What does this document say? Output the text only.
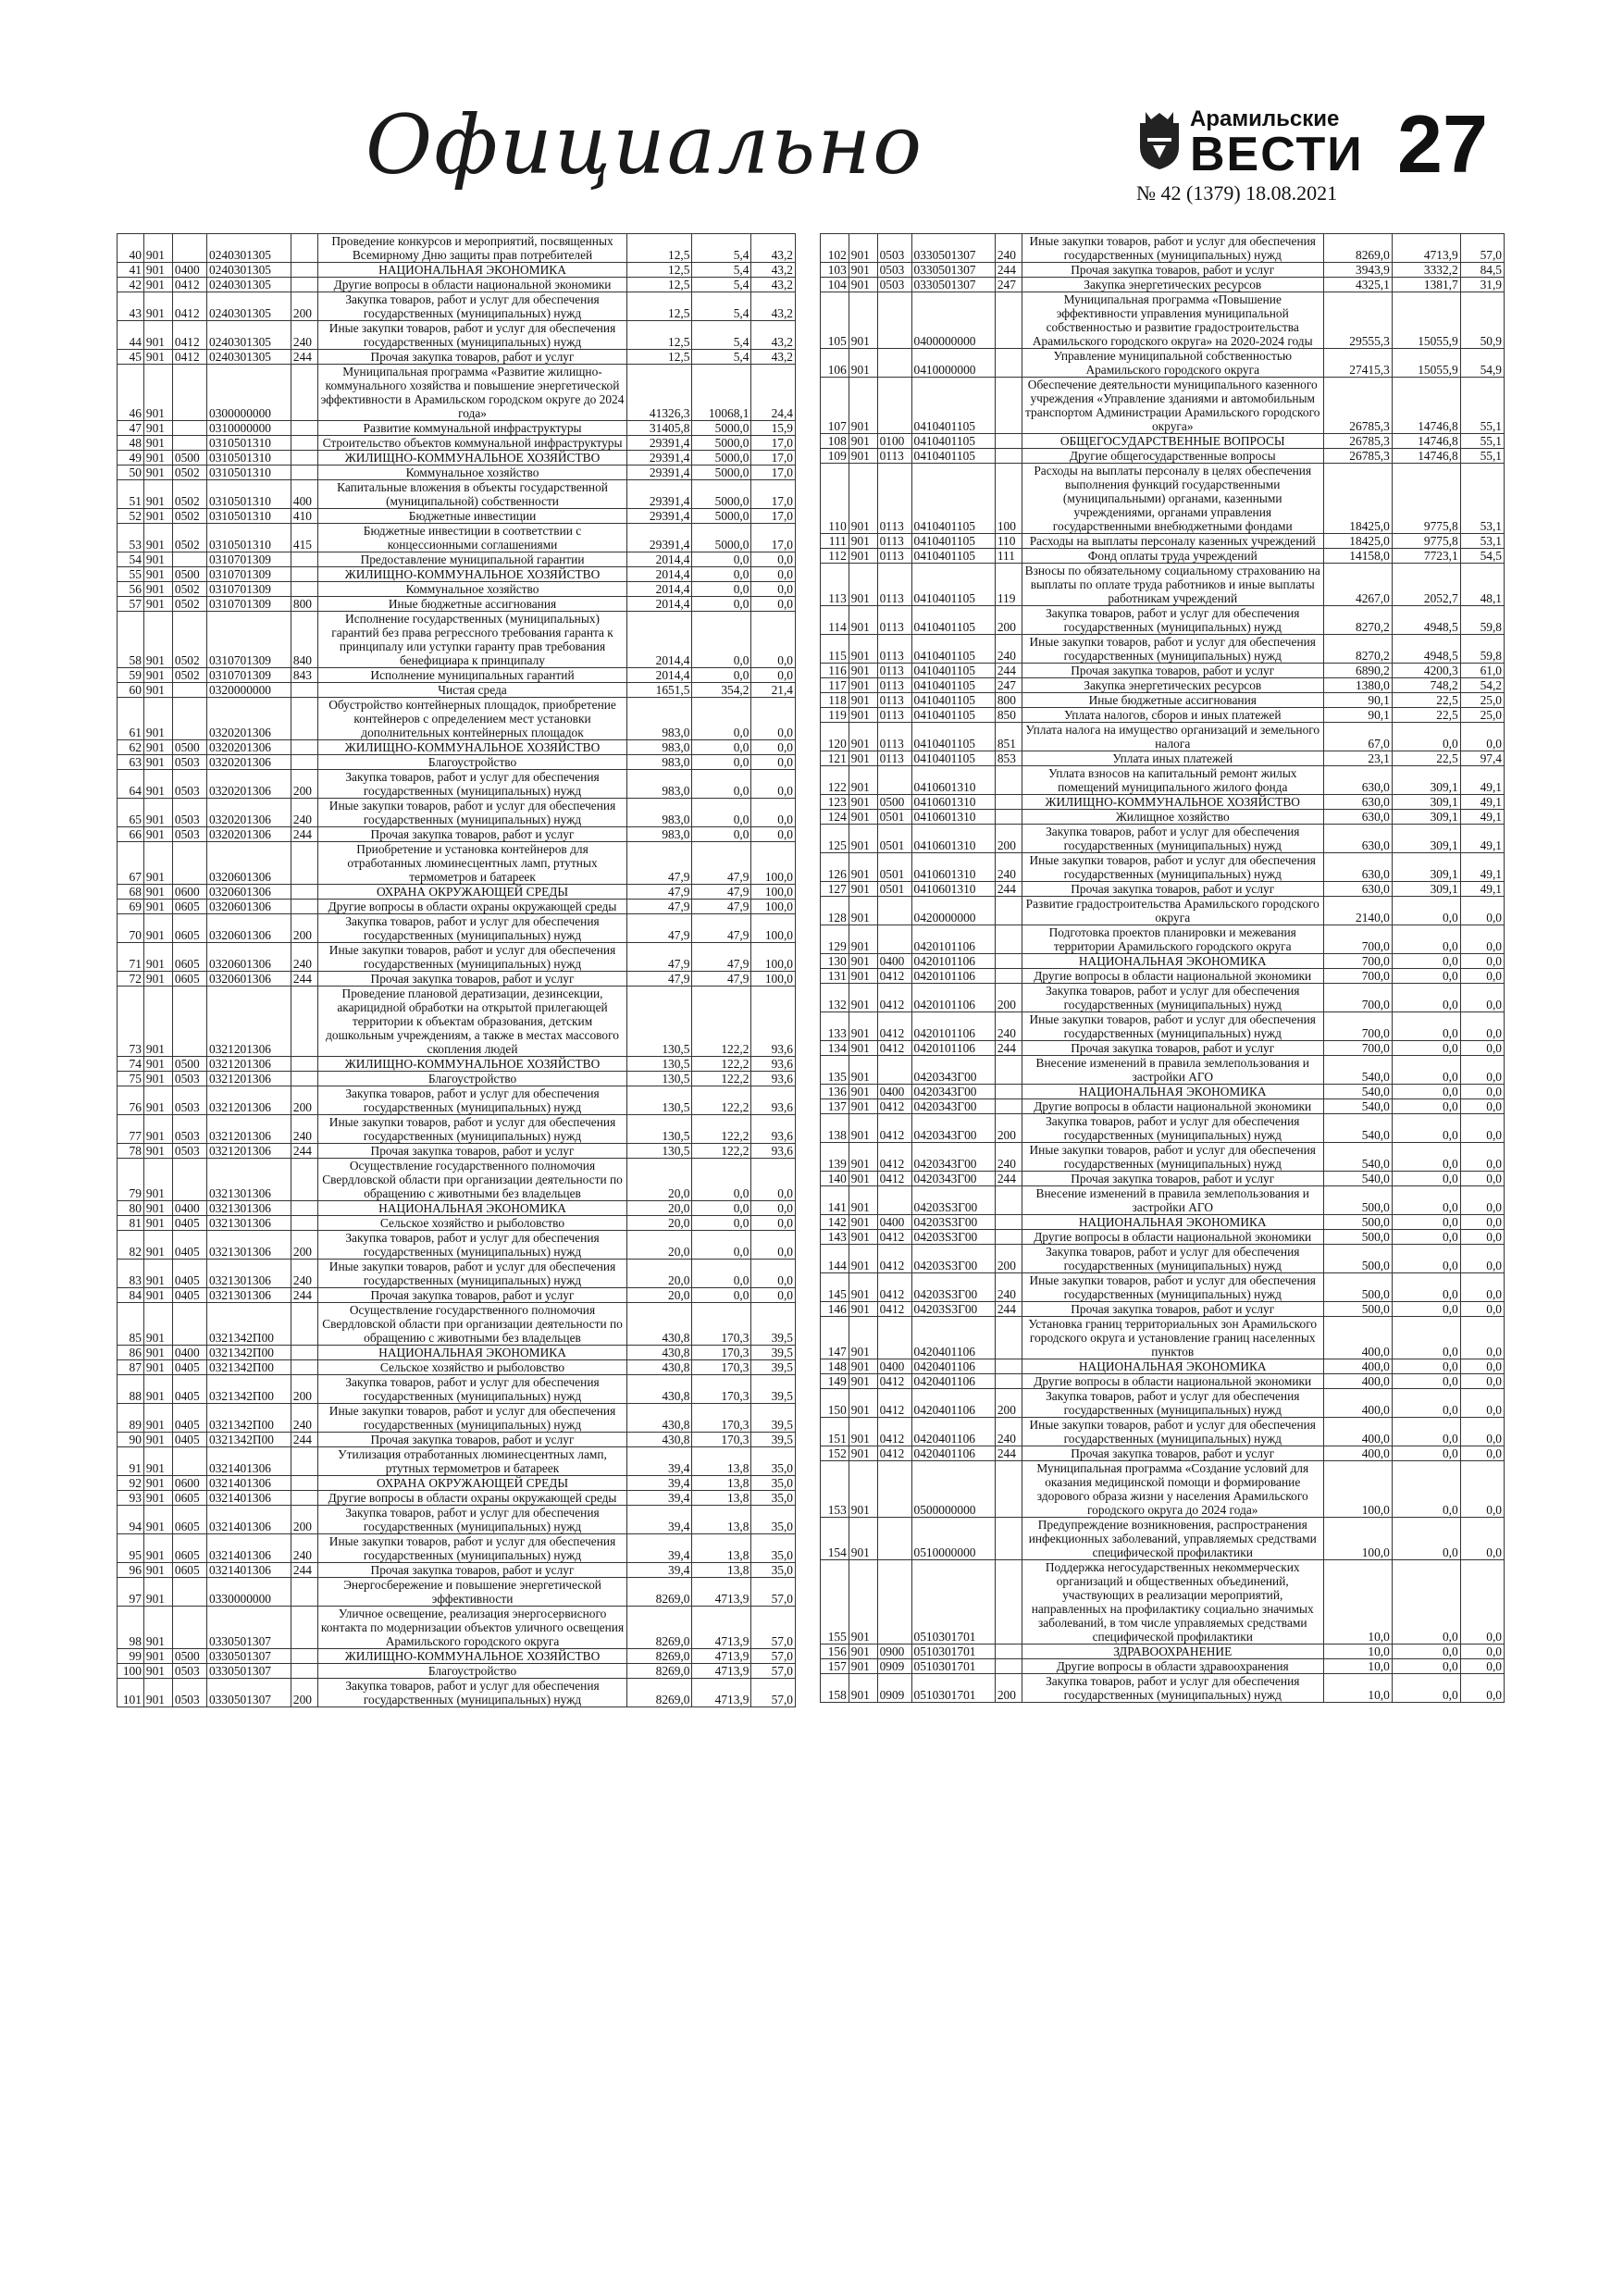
Официально	Арамильские
ВЕСТИ
№ 42 (1379) 18.08.2021
27
40	901		0240301305		Проведение конкурсов и мероприятий, посвященных Всемирному Дню защиты прав потребителей	12,5	5,4	43,2
41	901	0400	0240301305		НАЦИОНАЛЬНАЯ ЭКОНОМИКА	12,5	5,4	43,2
42	901	0412	0240301305		Другие вопросы в области национальной экономики	12,5	5,4	43,2
43	901	0412	0240301305	200	Закупка товаров, работ и услуг для обеспечения государственных (муниципальных) нужд	12,5	5,4	43,2
44	901	0412	0240301305	240	Иные закупки товаров, работ и услуг для обеспечения государственных (муниципальных) нужд	12,5	5,4	43,2
45	901	0412	0240301305	244	Прочая закупка товаров, работ и услуг	12,5	5,4	43,2
46	901		0300000000		Муниципальная программа «Развитие жилищно-коммунального хозяйства и повышение энергетической эффективности в Арамильском городском округе до 2024 года»	41326,3	10068,1	24,4
47	901		0310000000		Развитие коммунальной инфраструктуры	31405,8	5000,0	15,9
48	901		0310501310		Строительство объектов коммунальной инфраструктуры	29391,4	5000,0	17,0
49	901	0500	0310501310		ЖИЛИЩНО-КОММУНАЛЬНОЕ ХОЗЯЙСТВО	29391,4	5000,0	17,0
50	901	0502	0310501310		Коммунальное хозяйство	29391,4	5000,0	17,0
51	901	0502	0310501310	400	Капитальные вложения в объекты государственной (муниципальной) собственности	29391,4	5000,0	17,0
52	901	0502	0310501310	410	Бюджетные инвестиции	29391,4	5000,0	17,0
53	901	0502	0310501310	415	Бюджетные инвестиции в соответствии с концессионными соглашениями	29391,4	5000,0	17,0
54	901		0310701309		Предоставление муниципальной гарантии	2014,4	0,0	0,0
55	901	0500	0310701309		ЖИЛИЩНО-КОММУНАЛЬНОЕ ХОЗЯЙСТВО	2014,4	0,0	0,0
56	901	0502	0310701309		Коммунальное хозяйство	2014,4	0,0	0,0
57	901	0502	0310701309	800	Иные бюджетные ассигнования	2014,4	0,0	0,0
58	901	0502	0310701309	840	Исполнение государственных (муниципальных) гарантий без права регрессного требования гаранта к принципалу или уступки гаранту прав требования бенефициара к принципалу	2014,4	0,0	0,0
59	901	0502	0310701309	843	Исполнение муниципальных гарантий	2014,4	0,0	0,0
60	901		0320000000		Чистая среда	1651,5	354,2	21,4
61	901		0320201306		Обустройство контейнерных площадок, приобретение контейнеров с определением мест установки дополнительных контейнерных площадок	983,0	0,0	0,0
62	901	0500	0320201306		ЖИЛИЩНО-КОММУНАЛЬНОЕ ХОЗЯЙСТВО	983,0	0,0	0,0
63	901	0503	0320201306		Благоустройство	983,0	0,0	0,0
64	901	0503	0320201306	200	Закупка товаров, работ и услуг для обеспечения государственных (муниципальных) нужд	983,0	0,0	0,0
65	901	0503	0320201306	240	Иные закупки товаров, работ и услуг для обеспечения государственных (муниципальных) нужд	983,0	0,0	0,0
66	901	0503	0320201306	244	Прочая закупка товаров, работ и услуг	983,0	0,0	0,0
67	901		0320601306		Приобретение и установка контейнеров для отработанных люминесцентных ламп, ртутных термометров и батареек	47,9	47,9	100,0
68	901	0600	0320601306		ОХРАНА ОКРУЖАЮЩЕЙ СРЕДЫ	47,9	47,9	100,0
69	901	0605	0320601306		Другие вопросы в области охраны окружающей среды	47,9	47,9	100,0
70	901	0605	0320601306	200	Закупка товаров, работ и услуг для обеспечения государственных (муниципальных) нужд	47,9	47,9	100,0
71	901	0605	0320601306	240	Иные закупки товаров, работ и услуг для обеспечения государственных (муниципальных) нужд	47,9	47,9	100,0
72	901	0605	0320601306	244	Прочая закупка товаров, работ и услуг	47,9	47,9	100,0
73	901		0321201306		Проведение плановой дератизации, дезинсекции, акарицидной обработки на открытой прилегающей территории к объектам образования, детским дошкольным учреждениям, а также в местах массового скопления людей	130,5	122,2	93,6
74	901	0500	0321201306		ЖИЛИЩНО-КОММУНАЛЬНОЕ ХОЗЯЙСТВО	130,5	122,2	93,6
75	901	0503	0321201306		Благоустройство	130,5	122,2	93,6
76	901	0503	0321201306	200	Закупка товаров, работ и услуг для обеспечения государственных (муниципальных) нужд	130,5	122,2	93,6
77	901	0503	0321201306	240	Иные закупки товаров, работ и услуг для обеспечения государственных (муниципальных) нужд	130,5	122,2	93,6
78	901	0503	0321201306	244	Прочая закупка товаров, работ и услуг	130,5	122,2	93,6
79	901		0321301306		Осуществление государственного полномочия Свердловской области при организации деятельности по обращению с животными без владельцев	20,0	0,0	0,0
80	901	0400	0321301306		НАЦИОНАЛЬНАЯ ЭКОНОМИКА	20,0	0,0	0,0
81	901	0405	0321301306		Сельское хозяйство и рыболовство	20,0	0,0	0,0
82	901	0405	0321301306	200	Закупка товаров, работ и услуг для обеспечения государственных (муниципальных) нужд	20,0	0,0	0,0
83	901	0405	0321301306	240	Иные закупки товаров, работ и услуг для обеспечения государственных (муниципальных) нужд	20,0	0,0	0,0
84	901	0405	0321301306	244	Прочая закупка товаров, работ и услуг	20,0	0,0	0,0
85	901		0321342П00		Осуществление государственного полномочия Свердловской области при организации деятельности по обращению с животными без владельцев	430,8	170,3	39,5
86	901	0400	0321342П00		НАЦИОНАЛЬНАЯ ЭКОНОМИКА	430,8	170,3	39,5
87	901	0405	0321342П00		Сельское хозяйство и рыболовство	430,8	170,3	39,5
88	901	0405	0321342П00	200	Закупка товаров, работ и услуг для обеспечения государственных (муниципальных) нужд	430,8	170,3	39,5
89	901	0405	0321342П00	240	Иные закупки товаров, работ и услуг для обеспечения государственных (муниципальных) нужд	430,8	170,3	39,5
90	901	0405	0321342П00	244	Прочая закупка товаров, работ и услуг	430,8	170,3	39,5
91	901		0321401306		Утилизация отработанных люминесцентных ламп, ртутных термометров и батареек	39,4	13,8	35,0
92	901	0600	0321401306		ОХРАНА ОКРУЖАЮЩЕЙ СРЕДЫ	39,4	13,8	35,0
93	901	0605	0321401306		Другие вопросы в области охраны окружающей среды	39,4	13,8	35,0
94	901	0605	0321401306	200	Закупка товаров, работ и услуг для обеспечения государственных (муниципальных) нужд	39,4	13,8	35,0
95	901	0605	0321401306	240	Иные закупки товаров, работ и услуг для обеспечения государственных (муниципальных) нужд	39,4	13,8	35,0
96	901	0605	0321401306	244	Прочая закупка товаров, работ и услуг	39,4	13,8	35,0
97	901		0330000000		Энергосбережение и повышение энергетической эффективности	8269,0	4713,9	57,0
98	901		0330501307		Уличное освещение, реализация энергосервисного контакта по модернизации объектов уличного освещения Арамильского городского округа	8269,0	4713,9	57,0
99	901	0500	0330501307		ЖИЛИЩНО-КОММУНАЛЬНОЕ ХОЗЯЙСТВО	8269,0	4713,9	57,0
100	901	0503	0330501307		Благоустройство	8269,0	4713,9	57,0
101	901	0503	0330501307	200	Закупка товаров, работ и услуг для обеспечения государственных (муниципальных) нужд	8269,0	4713,9	57,0
102	901	0503	0330501307	240	Иные закупки товаров, работ и услуг для обеспечения государственных (муниципальных) нужд	8269,0	4713,9	57,0
103	901	0503	0330501307	244	Прочая закупка товаров, работ и услуг	3943,9	3332,2	84,5
104	901	0503	0330501307	247	Закупка энергетических ресурсов	4325,1	1381,7	31,9
105	901		0400000000		Муниципальная программа «Повышение эффективности управления муниципальной собственностью и развитие градостроительства Арамильского городского округа» на 2020-2024 годы	29555,3	15055,9	50,9
106	901		0410000000		Управление муниципальной собственностью Арамильского городского округа	27415,3	15055,9	54,9
107	901		0410401105		Обеспечение деятельности муниципального казенного учреждения «Управление зданиями и автомобильным транспортом Администрации Арамильского городского округа»	26785,3	14746,8	55,1
108	901	0100	0410401105		ОБЩЕГОСУДАРСТВЕННЫЕ ВОПРОСЫ	26785,3	14746,8	55,1
109	901	0113	0410401105		Другие общегосударственные вопросы	26785,3	14746,8	55,1
110	901	0113	0410401105	100	Расходы на выплаты персоналу в целях обеспечения выполнения функций государственными (муниципальными) органами, казенными учреждениями, органами управления государственными внебюджетными фондами	18425,0	9775,8	53,1
111	901	0113	0410401105	110	Расходы на выплаты персоналу казенных учреждений	18425,0	9775,8	53,1
112	901	0113	0410401105	111	Фонд оплаты труда учреждений	14158,0	7723,1	54,5
113	901	0113	0410401105	119	Взносы по обязательному социальному страхованию на выплаты по оплате труда работников и иные выплаты работникам учреждений	4267,0	2052,7	48,1
114	901	0113	0410401105	200	Закупка товаров, работ и услуг для обеспечения государственных (муниципальных) нужд	8270,2	4948,5	59,8
115	901	0113	0410401105	240	Иные закупки товаров, работ и услуг для обеспечения государственных (муниципальных) нужд	8270,2	4948,5	59,8
116	901	0113	0410401105	244	Прочая закупка товаров, работ и услуг	6890,2	4200,3	61,0
117	901	0113	0410401105	247	Закупка энергетических ресурсов	1380,0	748,2	54,2
118	901	0113	0410401105	800	Иные бюджетные ассигнования	90,1	22,5	25,0
119	901	0113	0410401105	850	Уплата налогов, сборов и иных платежей	90,1	22,5	25,0
120	901	0113	0410401105	851	Уплата налога на имущество организаций и земельного налога	67,0	0,0	0,0
121	901	0113	0410401105	853	Уплата иных платежей	23,1	22,5	97,4
122	901		0410601310		Уплата взносов на капитальный ремонт жилых помещений муниципального жилого фонда	630,0	309,1	49,1
123	901	0500	0410601310		ЖИЛИЩНО-КОММУНАЛЬНОЕ ХОЗЯЙСТВО	630,0	309,1	49,1
124	901	0501	0410601310		Жилищное хозяйство	630,0	309,1	49,1
125	901	0501	0410601310	200	Закупка товаров, работ и услуг для обеспечения государственных (муниципальных) нужд	630,0	309,1	49,1
126	901	0501	0410601310	240	Иные закупки товаров, работ и услуг для обеспечения государственных (муниципальных) нужд	630,0	309,1	49,1
127	901	0501	0410601310	244	Прочая закупка товаров, работ и услуг	630,0	309,1	49,1
128	901		0420000000		Развитие градостроительства Арамильского городского округа	2140,0	0,0	0,0
129	901		0420101106		Подготовка проектов планировки и межевания территории Арамильского городского округа	700,0	0,0	0,0
130	901	0400	0420101106		НАЦИОНАЛЬНАЯ ЭКОНОМИКА	700,0	0,0	0,0
131	901	0412	0420101106		Другие вопросы в области национальной экономики	700,0	0,0	0,0
132	901	0412	0420101106	200	Закупка товаров, работ и услуг для обеспечения государственных (муниципальных) нужд	700,0	0,0	0,0
133	901	0412	0420101106	240	Иные закупки товаров, работ и услуг для обеспечения государственных (муниципальных) нужд	700,0	0,0	0,0
134	901	0412	0420101106	244	Прочая закупка товаров, работ и услуг	700,0	0,0	0,0
135	901		0420343Г00		Внесение изменений в правила землепользования и застройки АГО	540,0	0,0	0,0
136	901	0400	0420343Г00		НАЦИОНАЛЬНАЯ ЭКОНОМИКА	540,0	0,0	0,0
137	901	0412	0420343Г00		Другие вопросы в области национальной экономики	540,0	0,0	0,0
138	901	0412	0420343Г00	200	Закупка товаров, работ и услуг для обеспечения государственных (муниципальных) нужд	540,0	0,0	0,0
139	901	0412	0420343Г00	240	Иные закупки товаров, работ и услуг для обеспечения государственных (муниципальных) нужд	540,0	0,0	0,0
140	901	0412	0420343Г00	244	Прочая закупка товаров, работ и услуг	540,0	0,0	0,0
141	901		04203S3Г00		Внесение изменений в правила землепользования и застройки АГО	500,0	0,0	0,0
142	901	0400	04203S3Г00		НАЦИОНАЛЬНАЯ ЭКОНОМИКА	500,0	0,0	0,0
143	901	0412	04203S3Г00		Другие вопросы в области национальной экономики	500,0	0,0	0,0
144	901	0412	04203S3Г00	200	Закупка товаров, работ и услуг для обеспечения государственных (муниципальных) нужд	500,0	0,0	0,0
145	901	0412	04203S3Г00	240	Иные закупки товаров, работ и услуг для обеспечения государственных (муниципальных) нужд	500,0	0,0	0,0
146	901	0412	04203S3Г00	244	Прочая закупка товаров, работ и услуг	500,0	0,0	0,0
147	901		0420401106		Установка границ территориальных зон Арамильского городского округа и установление границ населенных пунктов	400,0	0,0	0,0
148	901	0400	0420401106		НАЦИОНАЛЬНАЯ ЭКОНОМИКА	400,0	0,0	0,0
149	901	0412	0420401106		Другие вопросы в области национальной экономики	400,0	0,0	0,0
150	901	0412	0420401106	200	Закупка товаров, работ и услуг для обеспечения государственных (муниципальных) нужд	400,0	0,0	0,0
151	901	0412	0420401106	240	Иные закупки товаров, работ и услуг для обеспечения государственных (муниципальных) нужд	400,0	0,0	0,0
152	901	0412	0420401106	244	Прочая закупка товаров, работ и услуг	400,0	0,0	0,0
153	901		0500000000		Муниципальная программа «Создание условий для оказания медицинской помощи и формирование здорового образа жизни у населения Арамильского городского округа до 2024 года»	100,0	0,0	0,0
154	901		0510000000		Предупреждение возникновения, распространения инфекционных заболеваний, управляемых средствами специфической профилактики	100,0	0,0	0,0
155	901		0510301701		Поддержка негосударственных некоммерческих организаций и общественных объединений, участвующих в реализации мероприятий, направленных на профилактику социально значимых заболеваний, в том числе управляемых средствами специфической профилактики	10,0	0,0	0,0
156	901	0900	0510301701		ЗДРАВООХРАНЕНИЕ	10,0	0,0	0,0
157	901	0909	0510301701		Другие вопросы в области здравоохранения	10,0	0,0	0,0
158	901	0909	0510301701	200	Закупка товаров, работ и услуг для обеспечения государственных (муниципальных) нужд	10,0	0,0	0,0
